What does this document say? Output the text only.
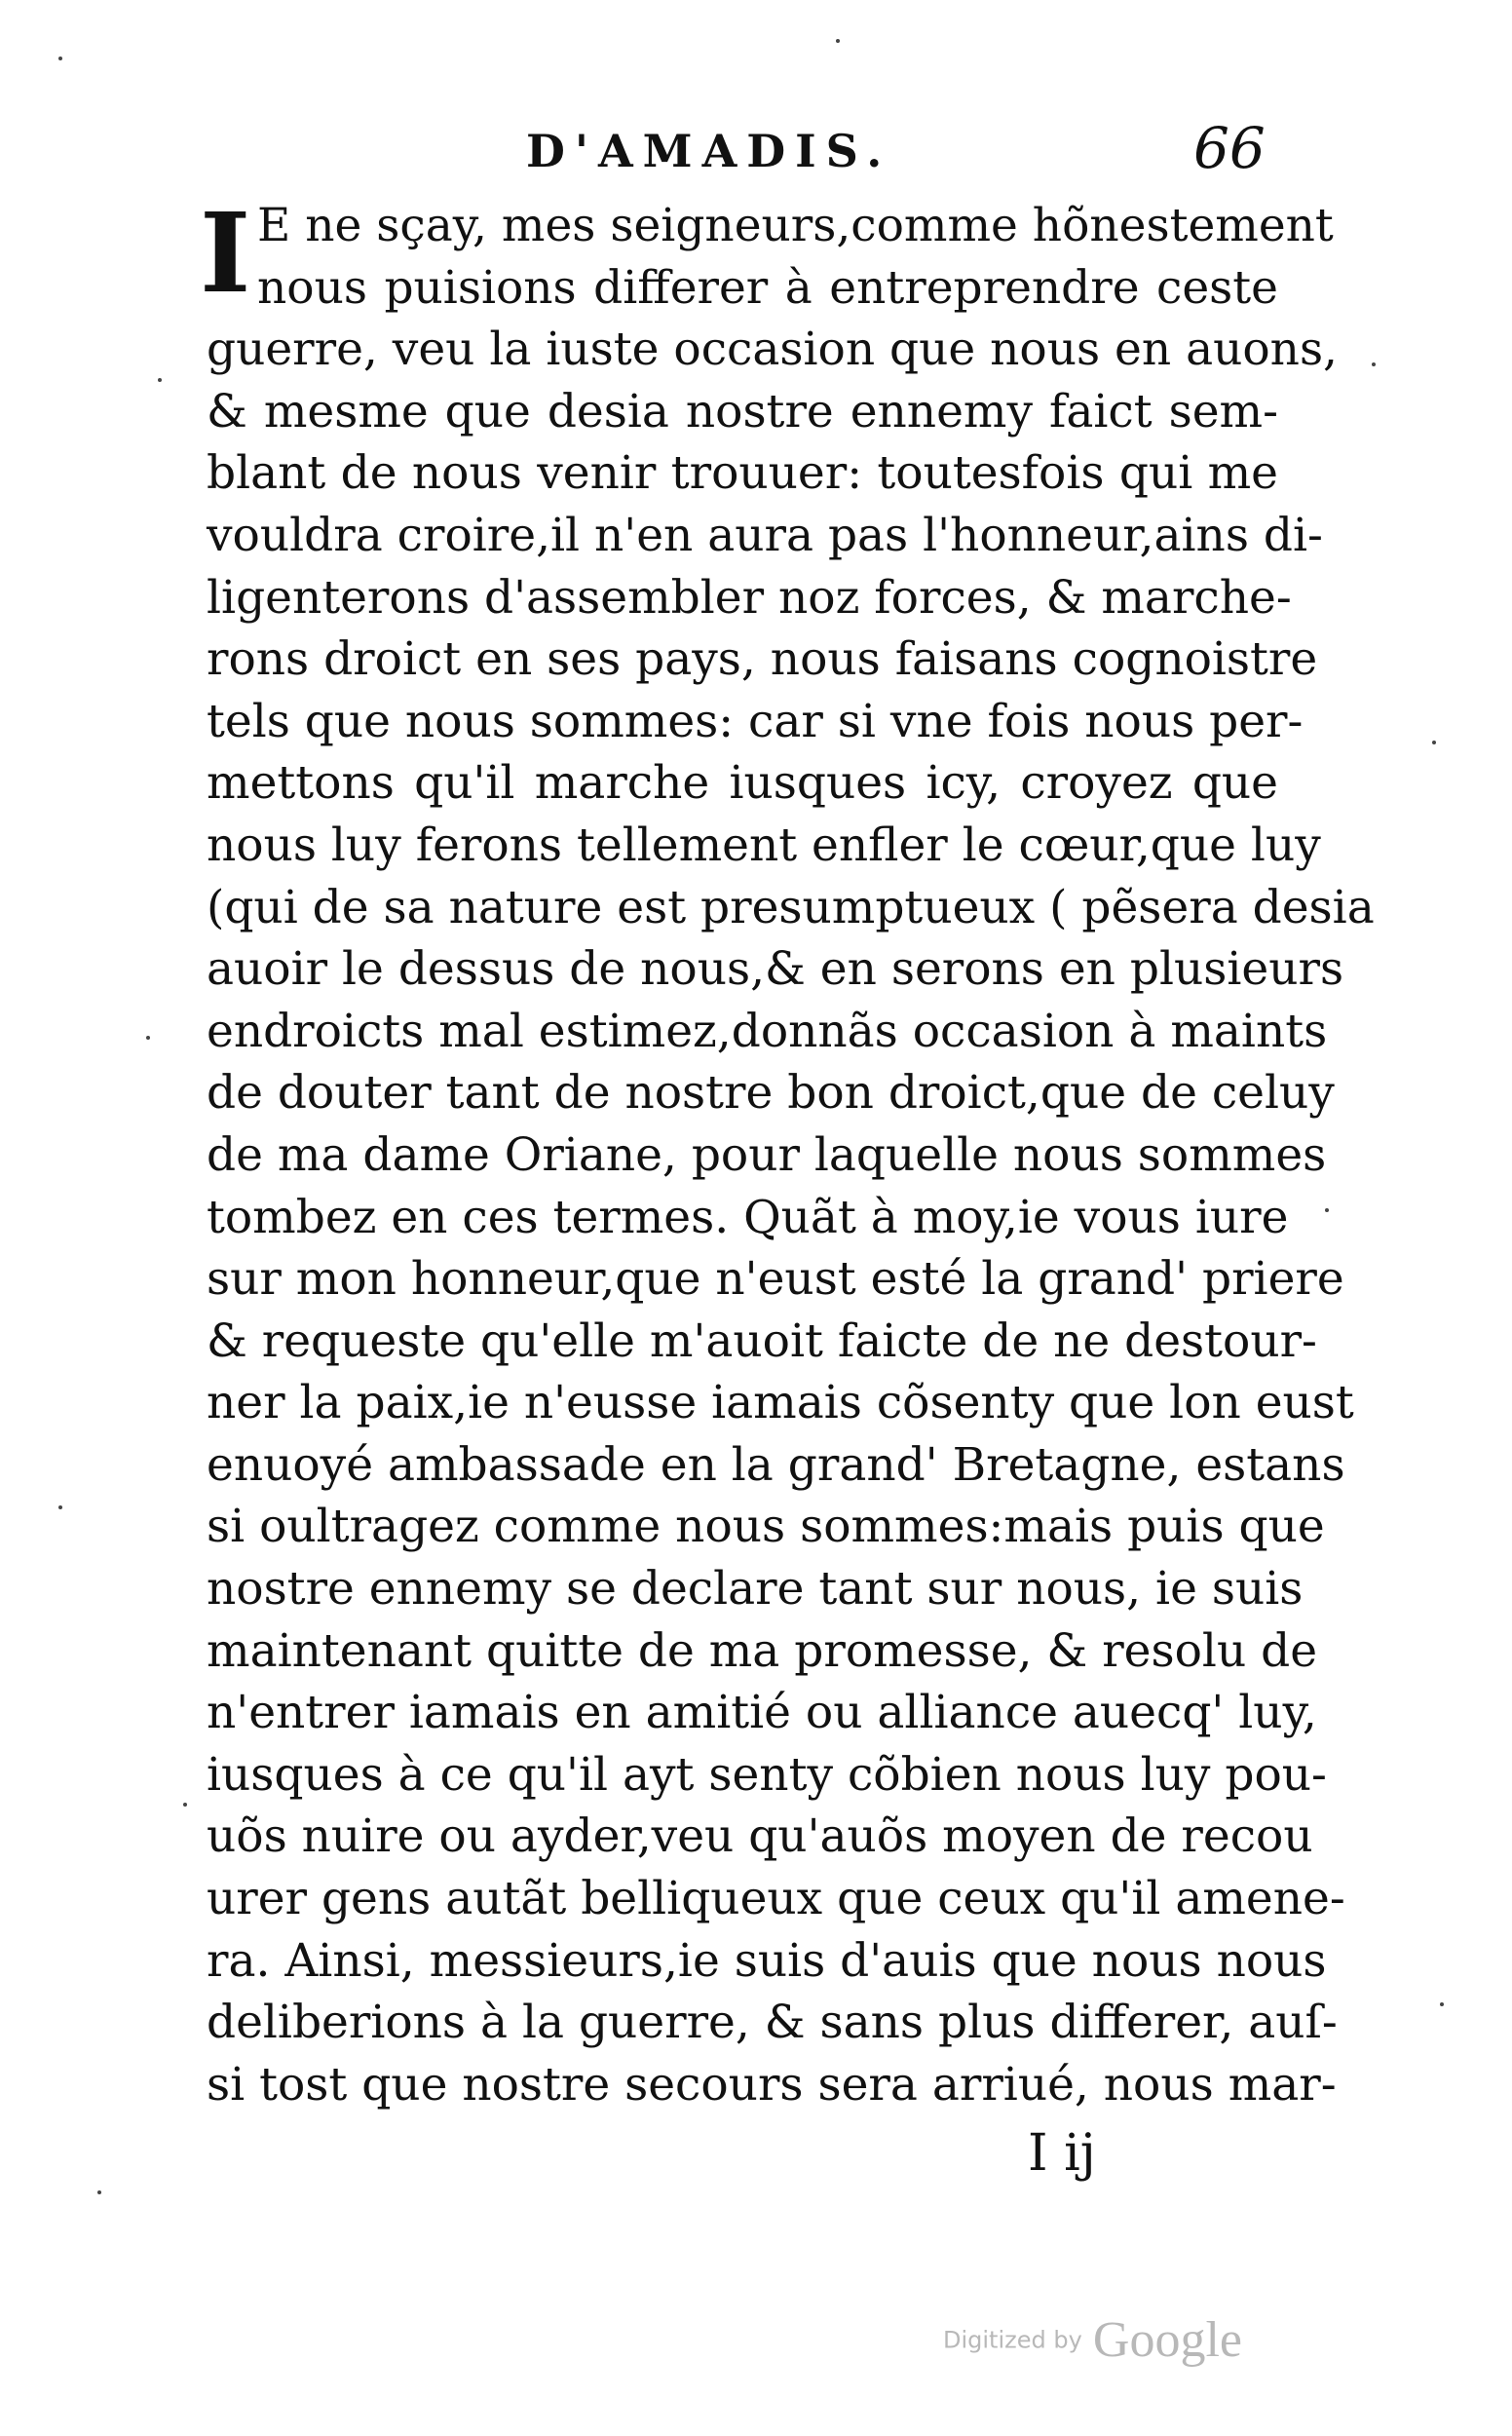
D'AMADIS.	66
I E ne sçay, mes seigneurs,comme hõnestement
nous puisions differer à entreprendre ceste
guerre, veu la iuste occasion que nous en auons,
& mesme que desia nostre ennemy faict sem-
blant de nous venir trouuer: toutesfois qui me
vouldra croire,il n'en aura pas l'honneur,ains di-
ligenterons d'assembler noz forces, & marche-
rons droict en ses pays, nous faisans cognoistre
tels que nous sommes: car si vne fois nous per-
mettons qu'il marche iusques icy, croyez que
nous luy ferons tellement enfler le cœur,que luy
(qui de sa nature est presumptueux ( pẽsera desia
auoir le dessus de nous,& en serons en plusieurs
endroicts mal estimez,donnãs occasion à maints
de douter tant de nostre bon droict,que de celuy
de ma dame Oriane, pour laquelle nous sommes
tombez en ces termes. Quãt à moy,ie vous iure
sur mon honneur,que n'eust esté la grand' priere
& requeste qu'elle m'auoit faicte de ne destour-
ner la paix,ie n'eusse iamais cõsenty que lon eust
enuoyé ambassade en la grand' Bretagne, estans
si oultragez comme nous sommes:mais puis que
nostre ennemy se declare tant sur nous, ie suis
maintenant quitte de ma promesse, & resolu de
n'entrer iamais en amitié ou alliance auecq' luy,
iusques à ce qu'il ayt senty cõbien nous luy pou-
uõs nuire ou ayder,veu qu'auõs moyen de recou
urer gens autãt belliqueux que ceux qu'il amene-
ra. Ainsi, messieurs,ie suis d'auis que nous nous
deliberions à la guerre, & sans plus differer, auſ-
si tost que nostre secours sera arriué, nous mar-
I ij
Digitized by Google
